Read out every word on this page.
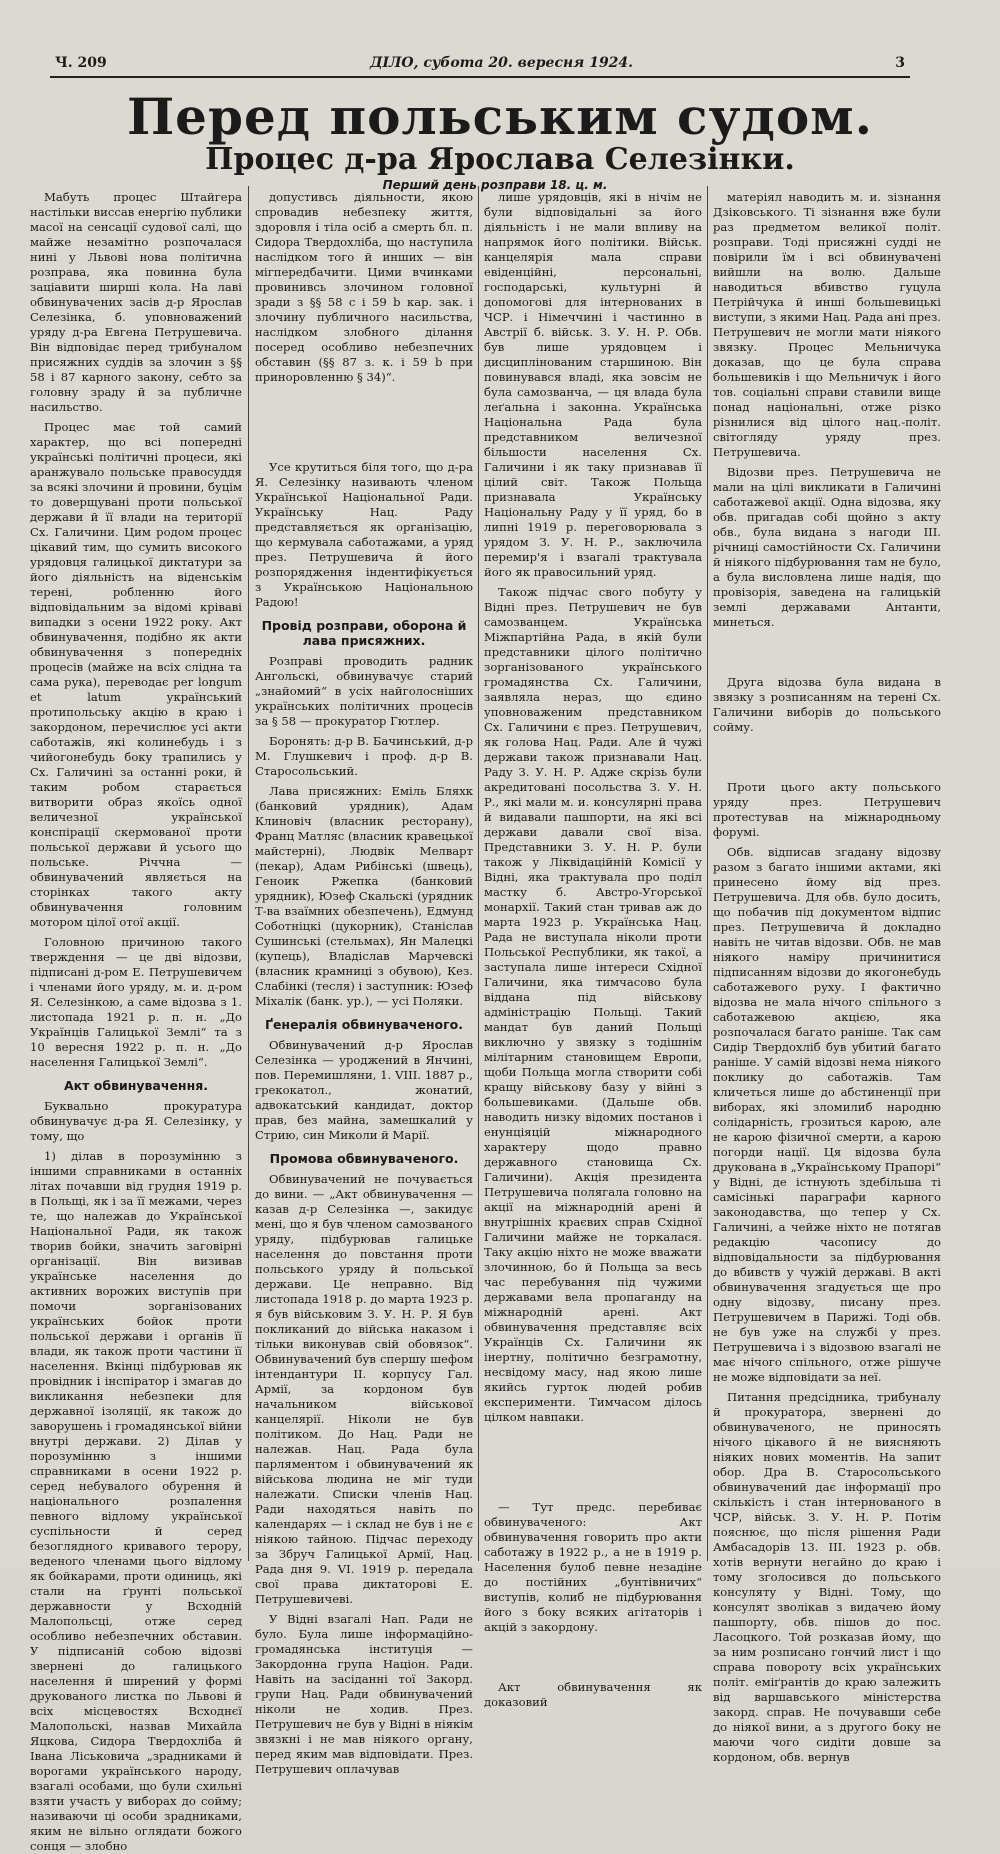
Ч. 209	ДІЛО, субота 20. вересня 1924.	3
Перед польським судом.
Процес д-ра Ярослава Селезінки.
Перший день розправи 18. ц. м.

Мабуть процес Штайгера настільки виссав енергію публики масої на сенсації судової салі, що майже незамітно розпочалася нині у Львові нова політична розправа, яка повинна була заціавити ширші кола. На лаві обвинувачених засів д-р Ярослав Селезінка, б. уповноважений уряду д-ра Евгена Петрушевича. Він відповідає перед трибуналом присяжних суддів за злочин з §§ 58 і 87 карного закону, себто за головну зраду й за публичне насильство.

Процес має той самий характер, що всі попередні українські політичні процеси, які аранжувало польське правосуддя за всякі злочини й провини, буцім то доверщувані проти польської держави й її влади на території Сх. Галичини. Цим родом процес цікавий тим, що сумить високого урядовця галицької диктатури за його діяльність на віденськім терені, робленню його відповідальним за відомі кріваві випадки з осени 1922 року. Акт обвинувачення, подібно як акти обвинувачення з попередніх процесів (майже на всіх слідна та сама рука), переводає per longum et latum український протипольську акцію в краю і закордоном, перечислює усі акти саботажів, які колинебудь і з чийогонебудь боку трапились у Сх. Галичині за останні роки, й таким робом старається витворити образ якоїсь одної величезної української конспірації скермованої проти польської держави й усього що польське. Річчна — обвинувачений являється на сторінках такого акту обвинувачення головним мотором цілої отої акції.

Головною причиною такого тверждення — це дві відозви, підписані д-ром Е. Петрушевичем і членами його уряду, м. и. д-ром Я. Селезінкою, а саме відозва з 1. листопада 1921 р. п. н. „До Українців Галицької Землі“ та з 10 вересня 1922 р. п. н. „До населення Галицької Землі“.

Акт обвинувачення.

Буквально прокуратура обвинувачує д-ра Я. Селезінку, у тому, що

1) ділав в порозумінню з іншими справниками в останніх літах почавши від грудня 1919 р. в Польщі, як і за її межами, через те, що належав до Української Національної Ради, як також творив бойки, значить заговірні організації. Він визивав українське населення до активних ворожих виступів при помочи зорганізованих українських бойок проти польської держави і органів її влади, як також проти частини її населення. Вкінці підбурював як провідник і інспіратор і змагав до викликання небезпеки для державної ізоляції, як також до заворушень і громадянської війни внутрі держави. 2) Ділав у порозумінню з іншими справниками в осени 1922 р. серед небувалого обурення й національного розпалення певного відлому української суспільности й серед безоглядного кривавого терору, веденого членами цього відлому як бойкарами, проти одиниць, які стали на ґрунті польської державности у Всходній Малопольсці, отже серед особливо небезпечних обставин. У підписаній собою відозві звернені до галицького населення й ширений у формі друкованого листка по Львові й всіх місцевостях Всходнєї Малопольскі, назвав Михайла Яцкова, Сидора Твердохліба й Івана Ліськовича „зрадниками й ворогами українського народу, взагалі особами, що були схильні взяти участь у виборах до сойму; називаючи ці особи зрадниками, яким не вільно оглядати божого сонця — злобно

допустивсь діяльности, якою спровадив небезпеку життя, здоровля і тіла осіб а смерть бл. п. Сидора Твердохліба, що наступила наслідком того й инших — він мігпередбачити. Цими вчинками провинивсь злочином головної зради з §§ 58 с і 59 b кар. зак. і злочину публичного насильства, наслідком злобного ділання посеред особливо небезпечних обставин (§§ 87 з. к. і 59 b при приноровленню § 34)“.

Усе крутиться біля того, що д-ра Я. Селезінку називають членом Української Національної Ради. Українську Нац. Раду представляється як організацію, що кермувала саботажами, а уряд през. Петрушевича й його розпорядження індентифікується з Українською Національною Радою!

Провід розправи, оборона й лава присяжних.

Розправі проводить радник Ангольскі, обвинувачує старий „знайомий“ в усіх найголосніших українських політичних процесів за § 58 — прокуратор Гютлер.

Боронять: д-р В. Бачинський, д-р М. Глушкевич і проф. д-р В. Старосольський.

Лава присяжних: Еміль Бляхк (банковий урядник), Адам Клиновіч (власник ресторану), Франц Матляс (власник кравецької майстерні), Людвік Мелварт (пекар), Адам Рибінські (швець), Геноик Ржепка (банковий урядник), Юзеф Скальскі (урядник Т-ва взаїмних обезпечень), Едмунд Соботніцкі (цукорник), Станіслав Сушинські (стельмах), Ян Малецкі (купець), Владіслав Марчевскі (власник крамниці з обувою), Кез. Слабінкі (тесля) і заступник: Юзеф Міхалік (банк. ур.), — усі Поляки.

Ґенералія обвинуваченого.

Обвинувачений д-р Ярослав Селезінка — уроджений в Янчині, пов. Перемишляни, 1. VIII. 1887 р., грекокатол., жонатий, адвокатський кандидат, доктор прав, без майна, замешкалий у Стрию, син Миколи й Марії.

Промова обвинуваченого.

Обвинувачений не почувається до вини. — „Акт обвинувачення — казав д-р Селезінка —, закидує мені, що я був членом самозваного уряду, підбурював галицьке населення до повстання проти польського уряду й польської держави. Це неправно. Від листопада 1918 р. до марта 1923 р. я був військовим З. У. Н. Р. Я був покликаний до війська наказом і тільки виконував свій обовязок“. Обвинувачений був спершу шефом інтендантури II. корпусу Гал. Армії, за кордоном був начальником військової канцелярії. Ніколи не був політиком. До Нац. Ради не належав. Нац. Рада була парляментом і обвинувачений як військова людина не міг туди належати. Списки членів Нац. Ради находяться навіть по календарях — і склад не був і не є ніякою тайною. Підчас переходу за Збруч Галицької Армії, Нац. Рада дня 9. VI. 1919 р. передала свої права диктаторові Е. Петрушевичеві.

У Відні взагалі Нап. Ради не було. Була лише інформаційно-громадянська інституція — Закордонна група Націон. Ради. Навіть на засіданні тої Закорд. групи Нац. Ради обвинувачений ніколи не ходив. През. Петрушевич не був у Відні в ніякім звязкні і не мав ніякого органу, перед яким мав відповідати. През. Петрушевич оплачував

лише урядовців, які в нічім не були відповідальні за його діяльність і не мали впливу на напрямок його політики. Військ. канцелярія мала справи евіденційні, персональні, господарські, культурні й допомогові для інтернованих в ЧСР. і Німеччині і частинно в Австрії б. військ. З. У. Н. Р. Обв. був лише урядовцем і дисциплінованим старшиною. Він повинувався владі, яка зовсім не була самозванча, — ця влада була леґальна і законна. Українська Національна Рада була представником величезної більшости населення Сх. Галичини і як таку признавав її цілий світ. Також Польща признавала Українську Національну Раду у її уряд, бо в липні 1919 р. переговорювала з урядом З. У. Н. Р., заключила перемир'я і взагалі трактувала його як правосильний уряд.

Також підчас свого побуту у Відні през. Петрушевич не був самозванцем. Українська Міжпартійна Рада, в якій були представники цілого політично зорганізованого українського громадянства Сх. Галичини, заявляла нераз, що єдино уповноваженим представником Сх. Галичини є през. Петрушевич, як голова Нац. Ради. Але й чужі держави також признавали Нац. Раду З. У. Н. Р. Адже скрізь були акредитовані посольства З. У. Н. Р., які мали м. и. консулярні права й видавали пашпорти, на які всі держави давали свої віза. Представники З. У. Н. Р. були також у Ліквідаційній Комісії у Відні, яка трактувала про поділ мастку б. Австро-Угорської монархії. Такий стан тривав аж до марта 1923 р. Українська Нац. Рада не виступала ніколи проти Польської Республики, як такої, а заступала лише інтереси Східної Галичини, яка тимчасово була віддана під військову адміністрацію Польщі. Такий мандат був даний Польщі виключно у звязку з тодішнім мілітарним становищем Европи, щоби Польща могла створити собі кращу військову базу у війні з большевиками. (Дальше обв. наводить низку відомих постанов і енунціяцій міжнародного характеру щодо правно державного становища Сх. Галичини). Акція президента Петрушевича полягала головно на акції на міжнародній арені й внутрішніх краєвих справ Східної Галичини майже не торкалася. Таку акцію ніхто не може вважати злочинною, бо й Польща за весь час перебування під чужими державами вела пропаганду на міжнародній арені. Акт обвинувачення представляє всіх Українців Сх. Галичини як інертну, політично безграмотну, несвідому масу, над якою лише якийсь гурток людей робив експерименти. Тимчасом ділось цілком навпаки.

— Тут предс. перебиває обвинуваченого: Акт обвинувачення говорить про акти саботажу в 1922 р., а не в 1919 р. Населення булоб певне незадіне до постійних „бунтівничих“ виступів, колиб не підбурювання його з боку всяких агітаторів і акцій з закордону.

Акт обвинувачення як доказовий

матеріял наводить м. и. зізнання Дзіковського. Ті зізнання вже були раз предметом великої політ. розправи. Тоді присяжні судді не повірили їм і всі обвинувачені вийшли на волю. Дальше наводиться вбивство гуцула Петрійчука й инші большевицькі виступи, з якими Нац. Рада ані през. Петрушевич не могли мати ніякого звязку. Процес Мельничука доказав, що це була справа большевиків і що Мельничук і його тов. соціальні справи ставили вище понад національні, отже різко різнилися від цілого нац.-політ. світоглядy уряду през. Петрушевича.

Відозви през. Петрушевича не мали на цілі викликати в Галичині саботажевої акції. Одна відозва, яку обв. пригадав собі щойно з акту обв., була видана з нагоди III. річниці самостійности Сх. Галичини й ніякого підбурювання там не було, а була висловлена лише надія, що провізорія, заведена на галицькій землі державами Антанти, минеться.

Друга відозва була видана в звязку з розписанням на терені Сх. Галичини виборів до польського сойму.

Проти цього акту польського уряду през. Петрушевич протестував на міжнародньому форумі.

Обв. відписав згадану відозву разом з багато іншими актами, які принесено йому від през. Петрушевича. Для обв. було досить, що побачив під документом відпис през. Петрушевича й докладно навіть не читав відозви. Обв. не мав ніякого наміру причинитися підписанням відозви до якогонебудь саботажевого руху. І фактично відозва не мала нічого спільного з саботажевою акцією, яка розпочалася багато раніше. Так сам Сидір Твердохліб був убитий багато раніше. У самій відозві нема ніякого поклику до саботажів. Там кличеться лише до абстиненції при виборах, які зломилиб народню солідарність, грозиться карою, але не карою фізичної смерти, а карою погорди нації. Ця відозва була друкована в „Українському Прапорі“ у Відні, де істнують здебільша ті самісінькі параграфи карного законодавства, що тепер у Сх. Галичині, а чейже ніхто не потягав редакцію часопису до відповідальности за підбурювання до вбивств у чужій державі. В акті обвинувачення згадується ще про одну відозву, писану през. Петрушевичем в Парижі. Тоді обв. не був уже на службі у през. Петрушевича і з відозвою взагалі не має нічого спільного, отже рішуче не може відповідати за неї.

Питання предсідника, трибуналу й прокуратора, звернені до обвинуваченого, не приносять нічого цікавого й не виясняють ніяких нових моментів. На запит обор. Дра В. Старосольського обвинувачений дає інформації про скількість і стан інтернованого в ЧСР, військ. З. У. Н. Р. Потім пояснює, що після рішення Ради Амбасадорів 13. III. 1923 р. обв. хотів вернути негайно до краю і тому зголосився до польського консуляту у Відні. Тому, що консулят зволікав з видачею йому пашпорту, обв. пішов до пос. Ласоцкого. Той розказав йому, що за ним розписано гончий лист і що справа поворотy всіх українських політ. еміґрантів до краю залежить від варшавського міністерства закорд. справ. Не почувавши себе до ніякої вини, а з другого боку не маючи чого сидіти довше за кордоном, обв. вернув
